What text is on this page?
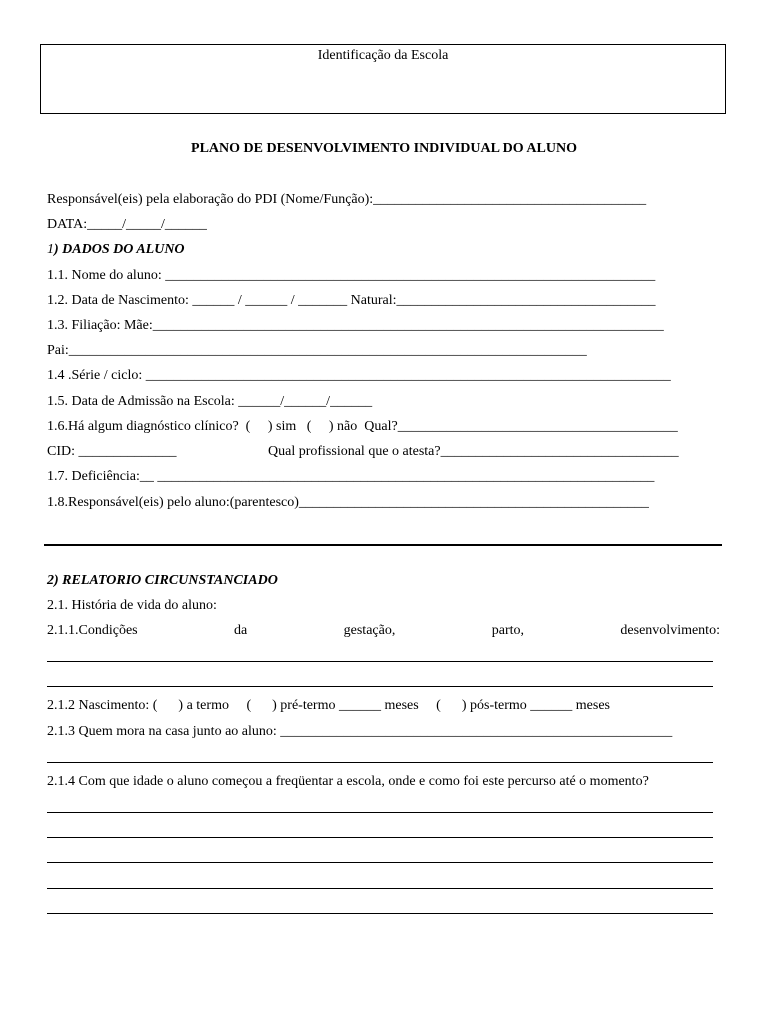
Identificação da Escola
PLANO DE DESENVOLVIMENTO INDIVIDUAL DO ALUNO
Responsável(eis) pela elaboração do PDI (Nome/Função):_______________________________________
DATA:_____/_____/______
1) DADOS DO ALUNO
1.1. Nome do aluno: ______________________________________________________________________
1.2. Data de Nascimento: ______ / ______ / _______ Natural:_____________________________________
1.3. Filiação: Mãe:_________________________________________________________________________
Pai:__________________________________________________________________________
1.4 .Série / ciclo: ___________________________________________________________________________
1.5. Data de Admissão na Escola: ______/______/______
1.6.Há algum diagnóstico clínico?  (     ) sim   (     ) não  Qual?________________________________________
CID: ______________	Qual profissional que o atesta?__________________________________
1.7. Deficiência:__ _______________________________________________________________________
1.8.Responsável(eis) pelo aluno:(parentesco)__________________________________________________
2) RELATORIO CIRCUNSTANCIADO
2.1. História de vida do aluno:
2.1.1.Condições	da	gestação,	parto,	desenvolvimento:
2.1.2 Nascimento: (      ) a termo     (      ) pré-termo ______ meses     (      ) pós-termo ______ meses
2.1.3 Quem mora na casa junto ao aluno: ________________________________________________________
2.1.4 Com que idade o aluno começou a freqüentar a escola, onde e como foi este percurso até o momento?
